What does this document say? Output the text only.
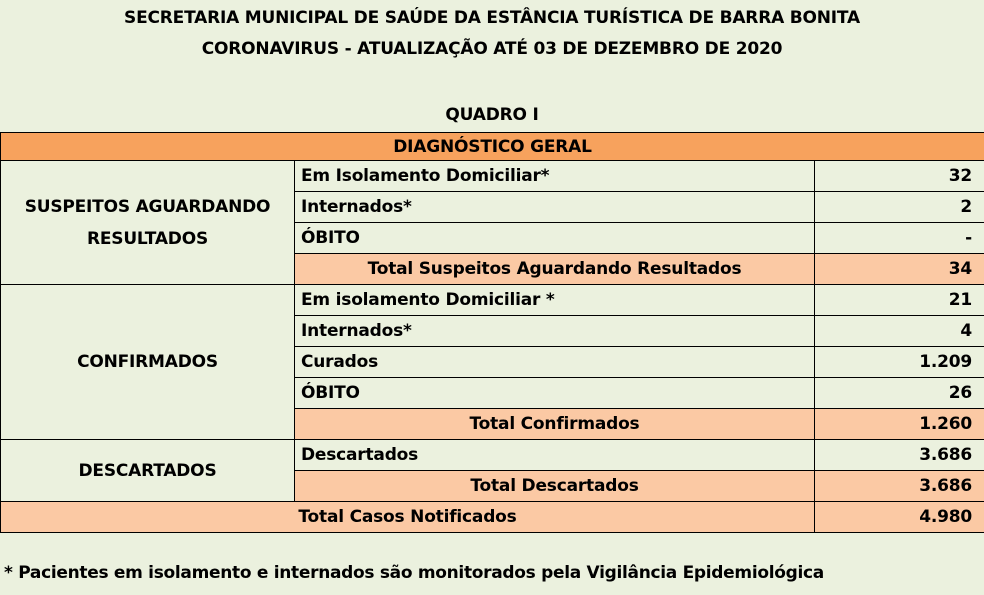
SECRETARIA MUNICIPAL DE SAÚDE DA ESTÂNCIA TURÍSTICA DE BARRA BONITA
CORONAVIRUS - ATUALIZAÇÃO ATÉ 03 DE DEZEMBRO DE 2020
QUADRO I
DIAGNÓSTICO GERAL		
SUSPEITOS AGUARDANDO
RESULTADOS	Em Isolamento Domiciliar*	32
	Internados*	2
	ÓBITO	-
	Total Suspeitos Aguardando Resultados	34
CONFIRMADOS	Em isolamento Domiciliar *	21
	Internados*	4
	Curados	1.209
	ÓBITO	26
	Total Confirmados	1.260
DESCARTADOS	Descartados	3.686
	Total Descartados	3.686
Total Casos Notificados		4.980
* Pacientes em isolamento e internados são monitorados pela Vigilância Epidemiológica
